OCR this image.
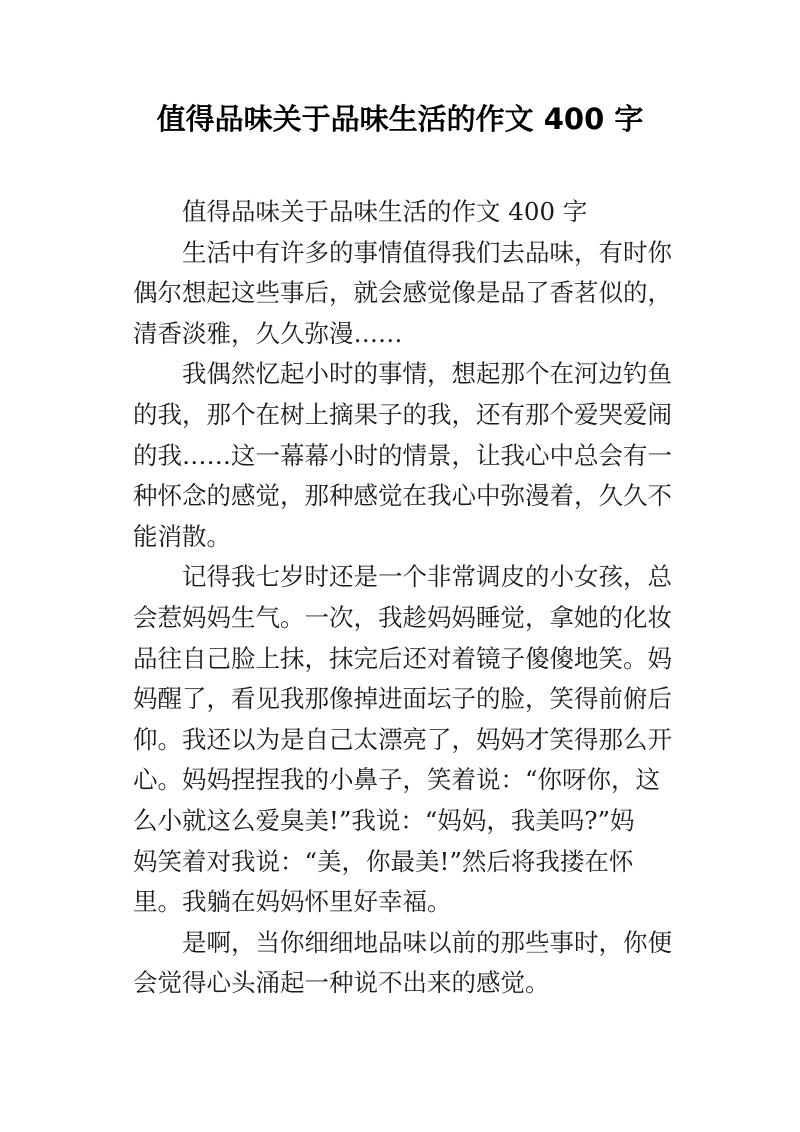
值得品味关于品味生活的作文 400 字
值得品味关于品味生活的作文 400 字
生活中有许多的事情值得我们去品味，有时你
偶尔想起这些事后，就会感觉像是品了香茗似的，
清香淡雅，久久弥漫……
我偶然忆起小时的事情，想起那个在河边钓鱼
的我，那个在树上摘果子的我，还有那个爱哭爱闹
的我……这一幕幕小时的情景，让我心中总会有一
种怀念的感觉，那种感觉在我心中弥漫着，久久不
能消散。
记得我七岁时还是一个非常调皮的小女孩，总
会惹妈妈生气。一次，我趁妈妈睡觉，拿她的化妆
品往自己脸上抹，抹完后还对着镜子傻傻地笑。妈
妈醒了，看见我那像掉进面坛子的脸，笑得前俯后
仰。我还以为是自己太漂亮了，妈妈才笑得那么开
心。妈妈捏捏我的小鼻子，笑着说：“你呀你，这
么小就这么爱臭美!”我说：“妈妈，我美吗?”妈
妈笑着对我说：“美，你最美!”然后将我搂在怀
里。我躺在妈妈怀里好幸福。
是啊，当你细细地品味以前的那些事时，你便
会觉得心头涌起一种说不出来的感觉。
